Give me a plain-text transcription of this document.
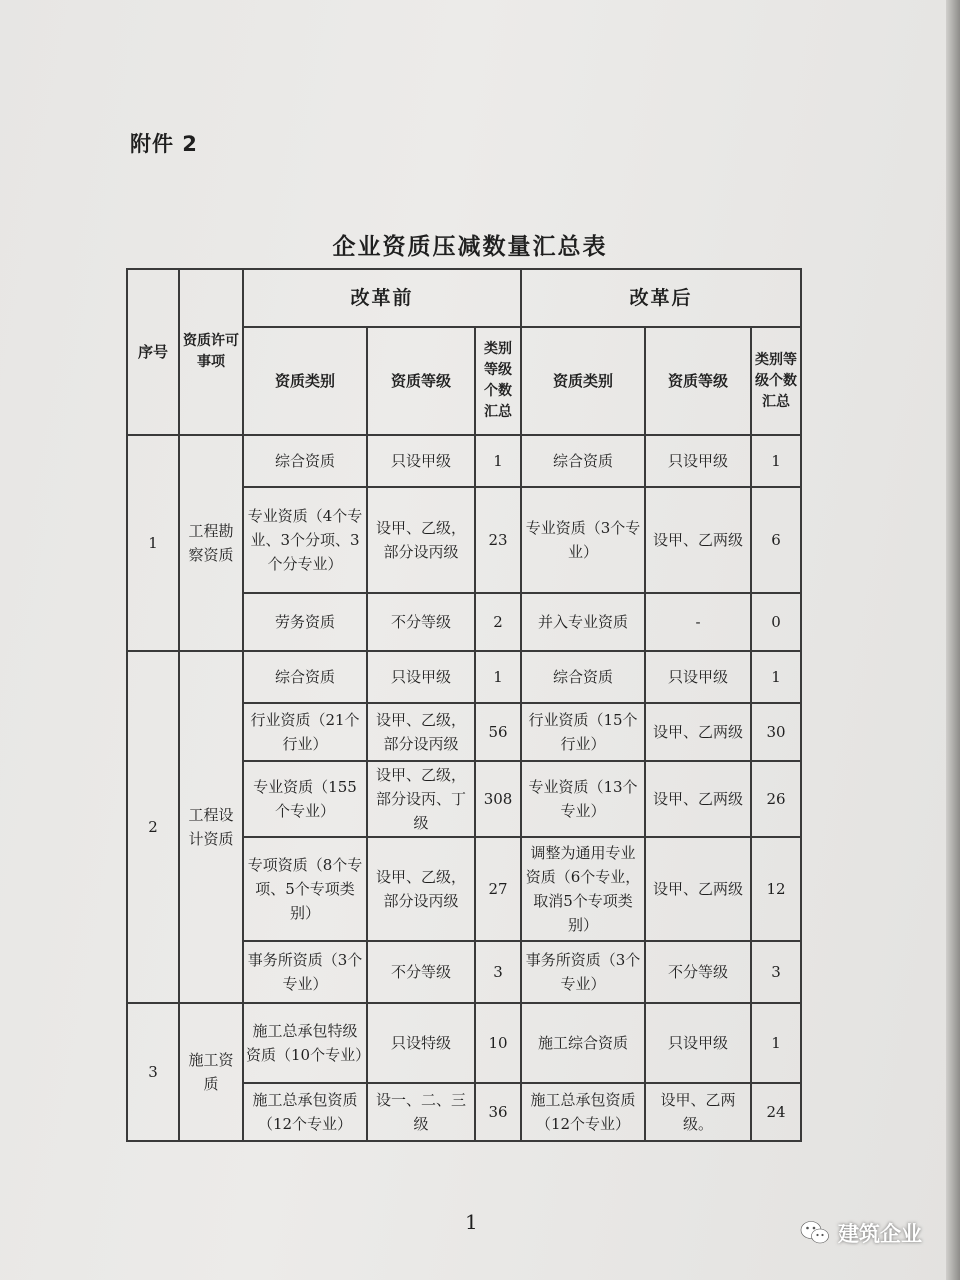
附件 2
企业资质压减数量汇总表
序号	资质许可事项	改革前			改革后		
		资质类别	资质等级	类别等级个数汇总	资质类别	资质等级	类别等级个数汇总
1	工程勘察资质	综合资质	只设甲级	1	综合资质	只设甲级	1
		专业资质（4个专业、3个分项、3个分专业）	设甲、乙级，部分设丙级	23	专业资质（3个专业）	设甲、乙两级	6
		劳务资质	不分等级	2	并入专业资质	-	0
2	工程设计资质	综合资质	只设甲级	1	综合资质	只设甲级	1
		行业资质（21个行业）	设甲、乙级，部分设丙级	56	行业资质（15个行业）	设甲、乙两级	30
		专业资质（155个专业）	设甲、乙级，部分设丙、丁级	308	专业资质（13个专业）	设甲、乙两级	26
		专项资质（8个专项、5个专项类别）	设甲、乙级，部分设丙级	27	调整为通用专业资质（6个专业，取消5个专项类别）	设甲、乙两级	12
		事务所资质（3个专业）	不分等级	3	事务所资质（3个专业）	不分等级	3
3	施工资质	施工总承包特级资质（10个专业）	只设特级	10	施工综合资质	只设甲级	1
		施工总承包资质（12个专业）	设一、二、三级	36	施工总承包资质（12个专业）	设甲、乙两级。	24
1	建筑企业
